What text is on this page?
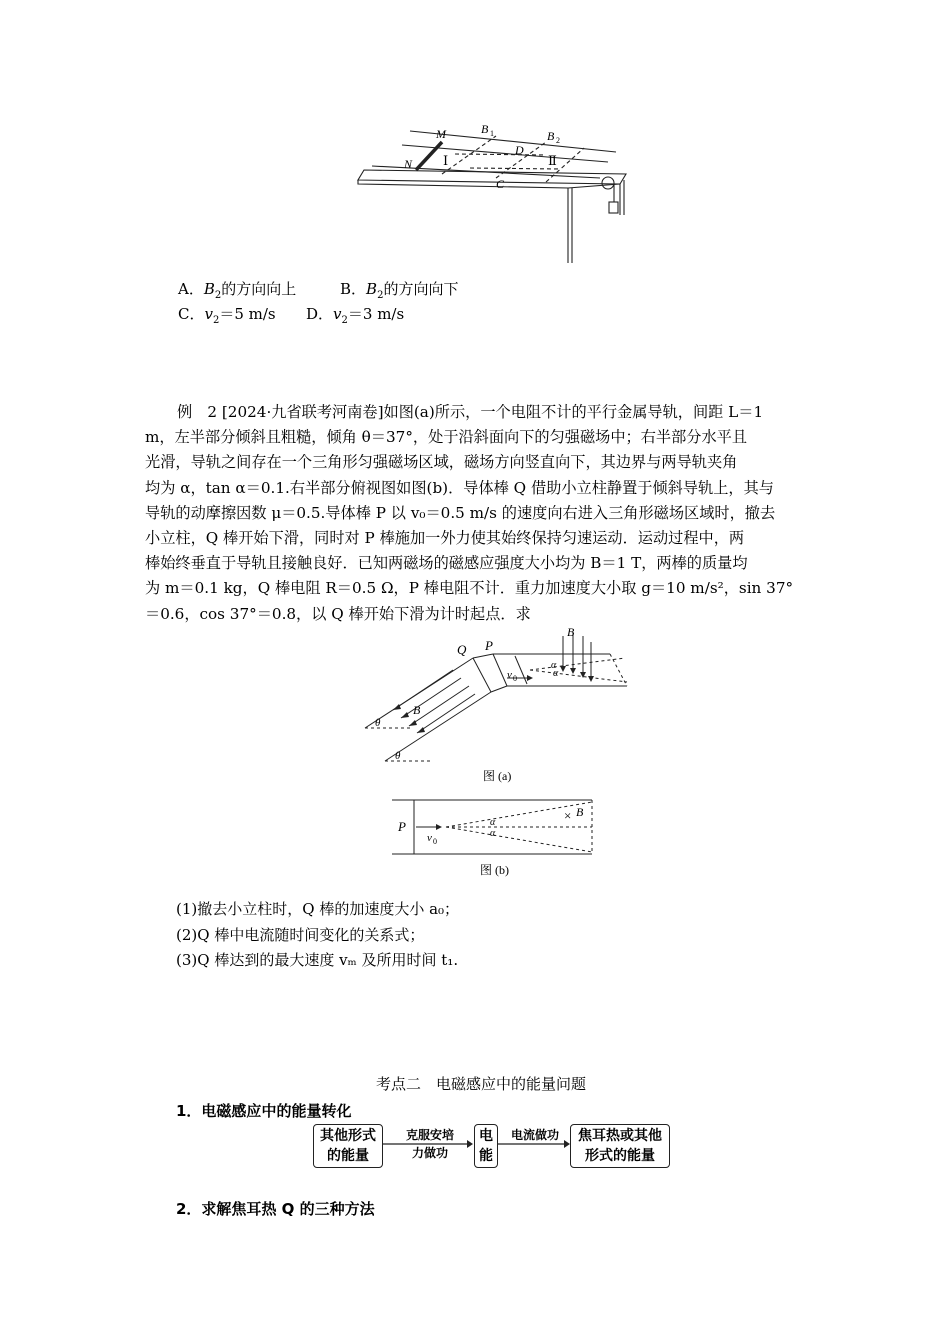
M
N
B 1	B 2
D
C
Ⅰ	Ⅱ
A．$B_2$的方向向上	B．$B_2$的方向向下
C．$v_2=5$ m/s D．$v_2=3$ m/s
例　2 [2024·九省联考河南卷]如图(a)所示，一个电阻不计的平行金属导轨，间距 L＝1
m，左半部分倾斜且粗糙，倾角 θ＝37°，处于沿斜面向下的匀强磁场中；右半部分水平且
光滑，导轨之间存在一个三角形匀强磁场区域，磁场方向竖直向下，其边界与两导轨夹角
均为 α，tan α＝0.1.右半部分俯视图如图(b)．导体棒 Q 借助小立柱静置于倾斜导轨上，其与
导轨的动摩擦因数 μ＝0.5.导体棒 P 以 v₀＝0.5 m/s 的速度向右进入三角形磁场区域时，撤去
小立柱，Q 棒开始下滑，同时对 P 棒施加一外力使其始终保持匀速运动．运动过程中，两
棒始终垂直于导轨且接触良好．已知两磁场的磁感应强度大小均为 B＝1 T，两棒的质量均
为 m＝0.1 kg，Q 棒电阻 R＝0.5 Ω，P 棒电阻不计．重力加速度大小取 g＝10 m/s²，sin 37°
＝0.6，cos 37°＝0.8，以 Q 棒开始下滑为计时起点．求
Q P
B
B
v 0
θ
θ
α
α
图 (a)
P
v 0
α
α
× B
图 (b)
(1)撤去小立柱时，Q 棒的加速度大小 a₀；
(2)Q 棒中电流随时间变化的关系式；
(3)Q 棒达到的最大速度 vₘ 及所用时间 t₁.
考点二　电磁感应中的能量问题
1．电磁感应中的能量转化
其他形式
的能量
克服安培
力做功
电
能
电流做功	焦耳热或其他
形式的能量
2．求解焦耳热 Q 的三种方法
